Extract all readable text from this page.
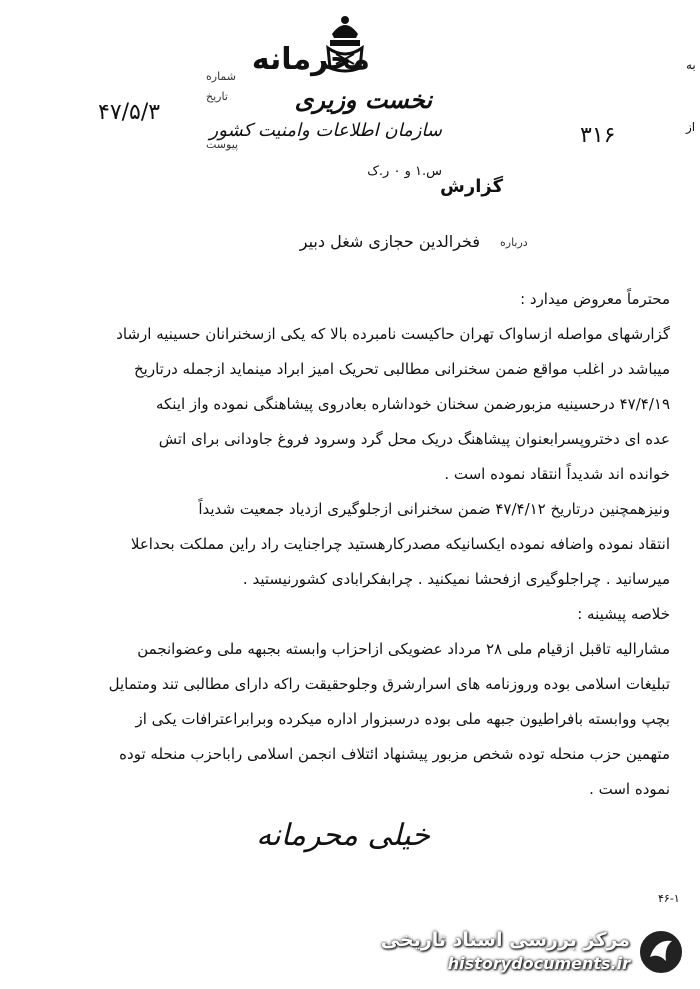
محرمانه
نخست وزیری
سازمان اطلاعات وامنیت کشور
س.۱ و ۰ ر.ک
شماره
تاریخ
پیوست
۴۷/۵/۳
۳۱۶
به
از
گزارش
درباره
فخرالدین حجازی شغل دبیر
محترماً معروض میدارد :
گزارشهای مواصله ازساواک تهران حاکیست نامبرده بالا که یکی ازسخنرانان حسینیه ارشاد
میباشد در اغلب مواقع ضمن سخنرانی مطالبی تحریک امیز ابراد مینماید ازجمله درتاریخ
۴۷/۴/۱۹ درحسینیه مزبورضمن سخنان خوداشاره بعادروی پیشاهنگی نموده واز اینکه
عده ای دختروپسرابعنوان پیشاهنگ دریک محل گرد وسرود فروغ جاودانی برای اتش
خوانده اند شدیداً انتقاد نموده است .
ونیزهمچنین درتاریخ ۴۷/۴/۱۲ ضمن سخنرانی ازجلوگیری ازدیاد جمعیت شدیداً
انتقاد نموده واضافه نموده ایکسانیکه مصدرکارهستید چراجنایت راد راین مملکت بحداعلا
میرسانید . چراجلوگیری ازفحشا نمیکنید . چرابفکرابادی کشورنیستید .
خلاصه پیشینه :
مشارالیه تاقبل ازقیام ملی ۲۸ مرداد عضویکی ازاحزاب وابسته بجبهه ملی وعضوانجمن
تبلیغات اسلامی بوده وروزنامه های اسرارشرق وجلوحقیقت راکه دارای مطالبی تند ومتمایل
بچپ ووابسته بافراطیون جبهه ملی بوده درسبزوار اداره میکرده وبرابراعترافات یکی از
متهمین حزب منحله توده شخص مزبور پیشنهاد ائتلاف انجمن اسلامی راباحزب منحله توده
نموده است .
خیلی محرمانه
۴۶-۱
مرکز بررسی اسناد تاریخی
historydocuments.ir
